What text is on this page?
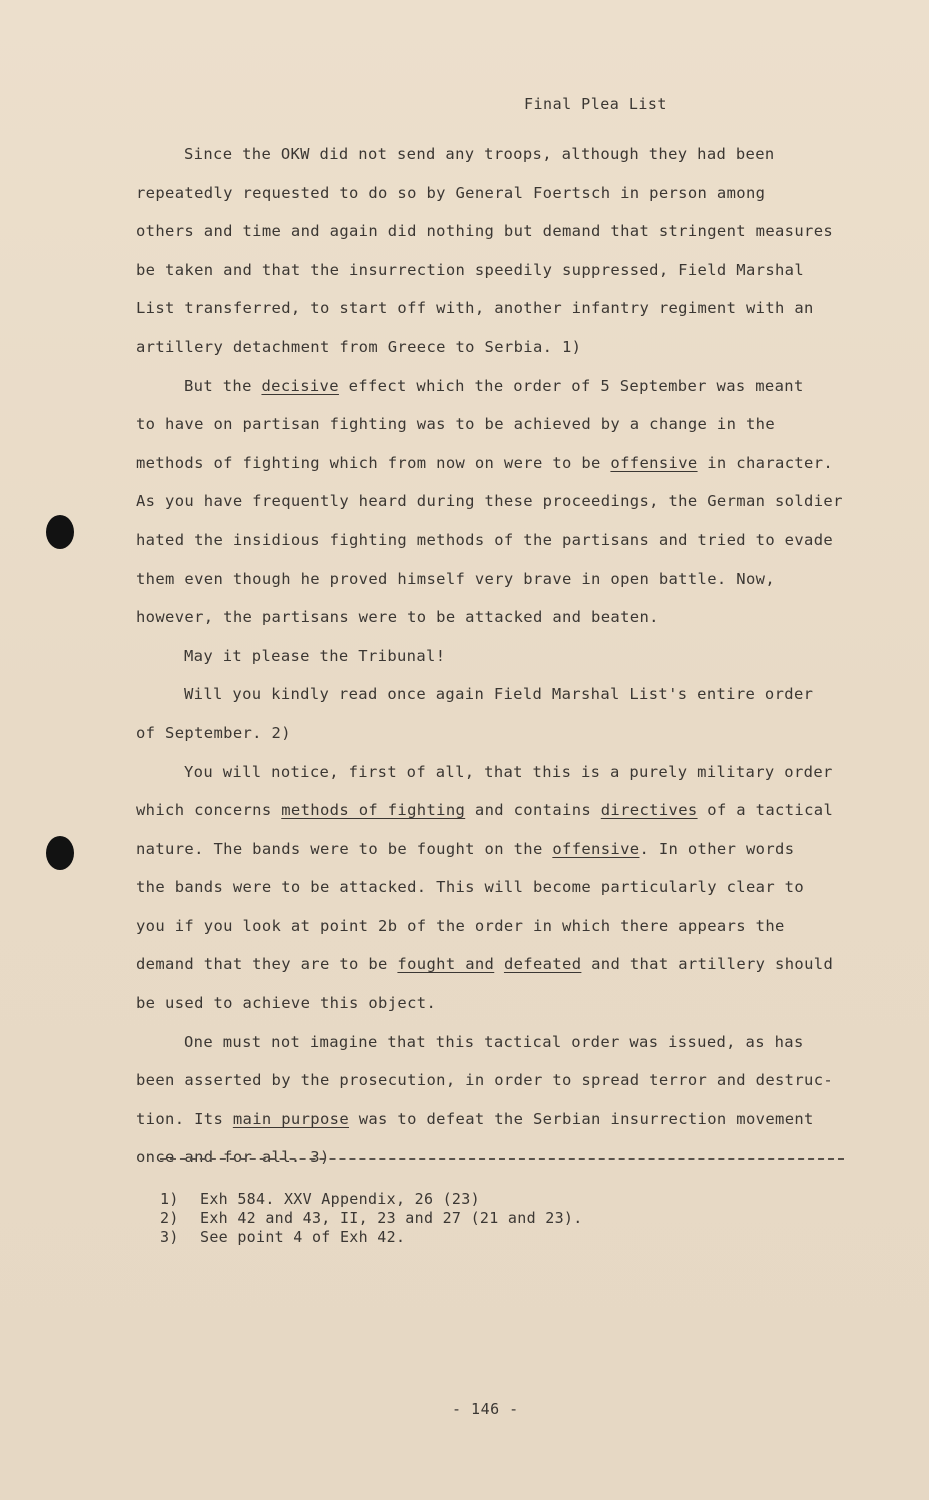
Final Plea List

Since the OKW did not send any troops, although they had been
repeatedly requested to do so by General Foertsch in person among
others and time and again did nothing but demand that stringent measures
be taken and that the insurrection speedily suppressed, Field Marshal
List transferred, to start off with, another infantry regiment with an
artillery detachment from Greece to Serbia. 1)

But the decisive effect which the order of 5 September was meant
to have on partisan fighting was to be achieved by a change in the
methods of fighting which from now on were to be offensive in character.
As you have frequently heard during these proceedings, the German soldier
hated the insidious fighting methods of the partisans and tried to evade
them even though he proved himself very brave in open battle. Now,
however, the partisans were to be attacked and beaten.

May it please the Tribunal!

Will you kindly read once again Field Marshal List's entire order
of September. 2)

You will notice, first of all, that this is a purely military order
which concerns methods of fighting and contains directives of a tactical
nature. The bands were to be fought on the offensive. In other words
the bands were to be attacked. This will become particularly clear to
you if you look at point 2b of the order in which there appears the
demand that they are to be fought and defeated and that artillery should
be used to achieve this object.

One must not imagine that this tactical order was issued, as has
been asserted by the prosecution, in order to spread terror and destruc-
tion. Its main purpose was to defeat the Serbian insurrection movement
once and for all. 3)

1) Exh 584. XXV Appendix, 26 (23)
2) Exh 42 and 43, II, 23 and 27 (21 and 23).
3) See point 4 of Exh 42.
- 146 -
